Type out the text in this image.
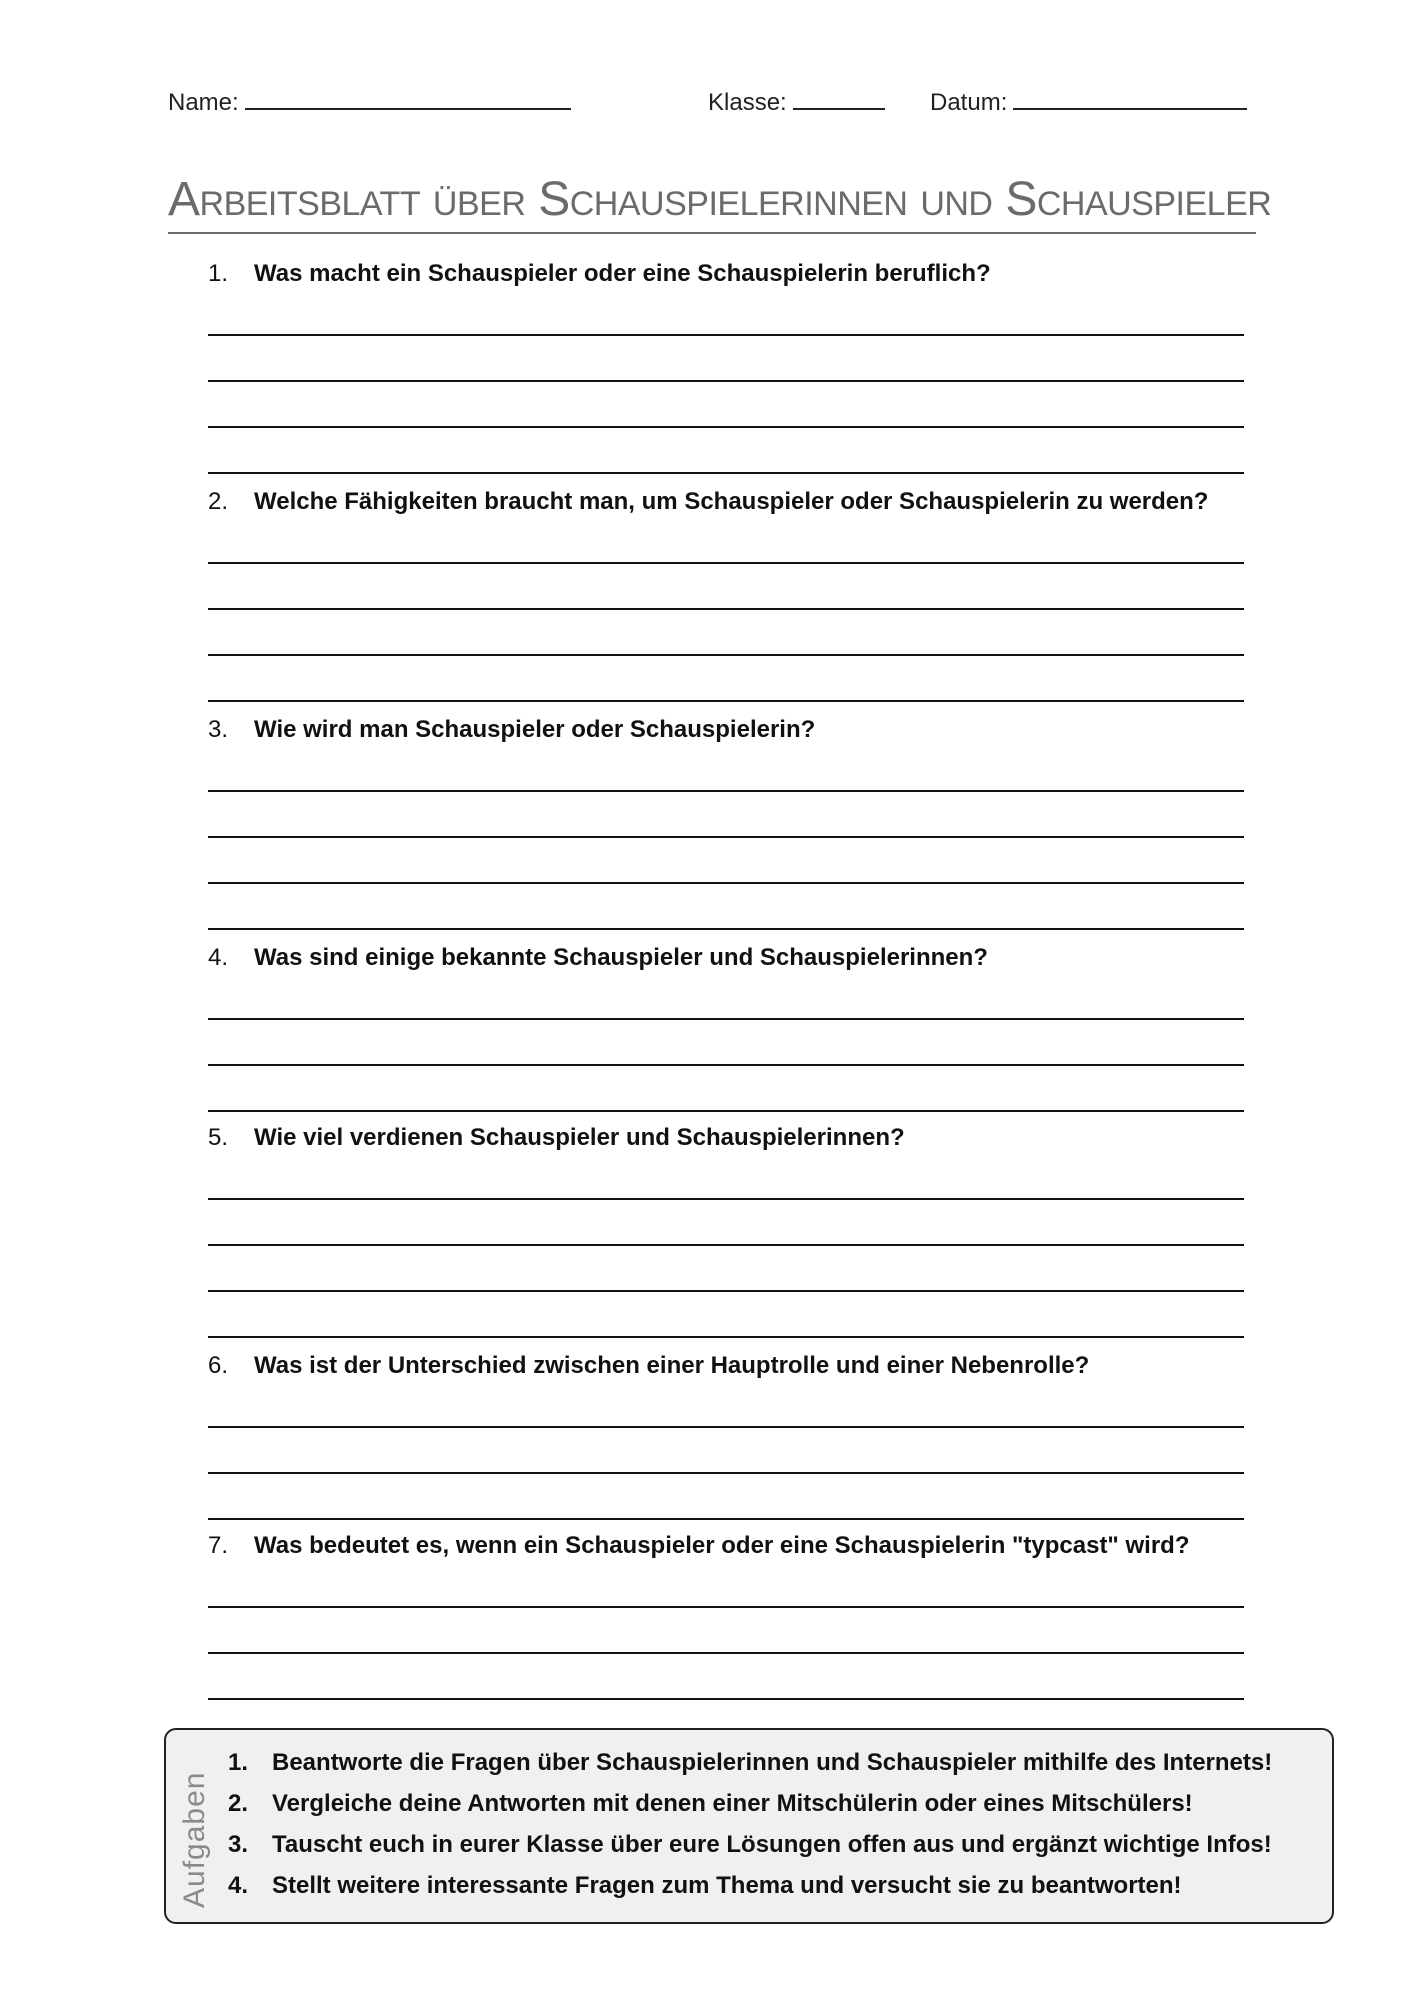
Name:	Klasse:	Datum:
Arbeitsblatt über Schauspielerinnen und Schauspieler
1.	Was macht ein Schauspieler oder eine Schauspielerin beruflich?
2.	Welche Fähigkeiten braucht man, um Schauspieler oder Schauspielerin zu werden?
3.	Wie wird man Schauspieler oder Schauspielerin?
4.	Was sind einige bekannte Schauspieler und Schauspielerinnen?
5.	Wie viel verdienen Schauspieler und Schauspielerinnen?
6.	Was ist der Unterschied zwischen einer Hauptrolle und einer Nebenrolle?
7.	Was bedeutet es, wenn ein Schauspieler oder eine Schauspielerin "typcast" wird?
Aufgaben
1. Beantworte die Fragen über Schauspielerinnen und Schauspieler mithilfe des Internets!
2. Vergleiche deine Antworten mit denen einer Mitschülerin oder eines Mitschülers!
3. Tauscht euch in eurer Klasse über eure Lösungen offen aus und ergänzt wichtige Infos!
4. Stellt weitere interessante Fragen zum Thema und versucht sie zu beantworten!
